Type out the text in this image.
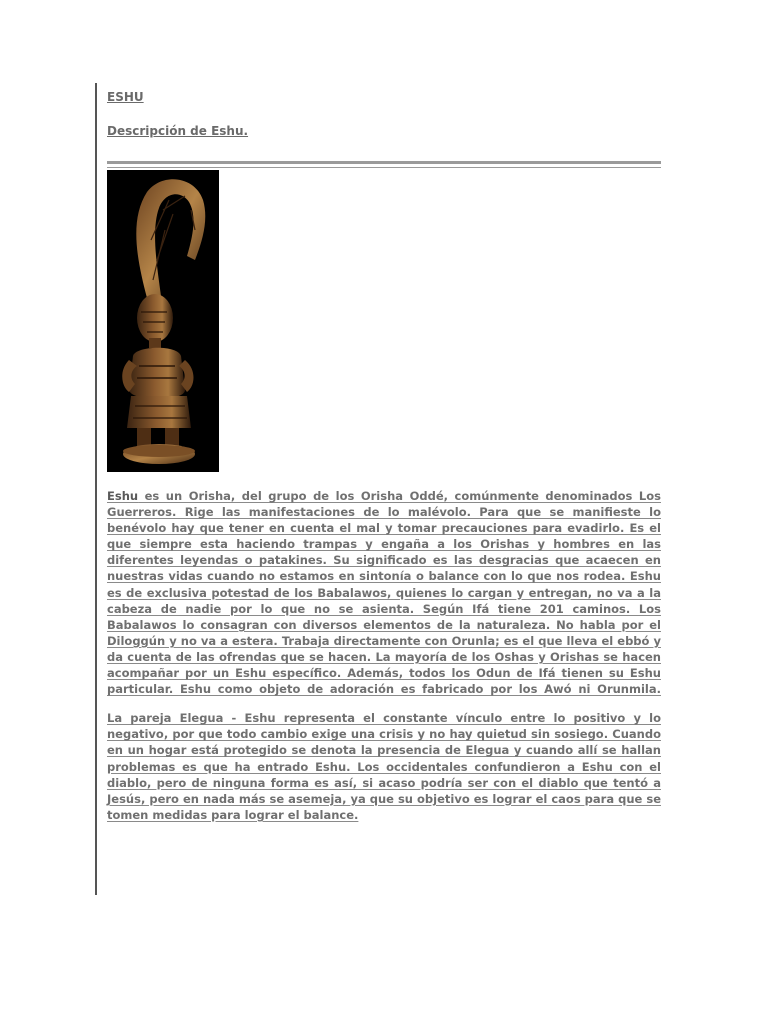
ESHU
Descripción de Eshu.

Eshu es un Orisha, del grupo de los Orisha Oddé, comúnmente denominados Los Guerreros. Rige las manifestaciones de lo malévolo. Para que se manifieste lo benévolo hay que tener en cuenta el mal y tomar precauciones para evadirlo. Es el que siempre esta haciendo trampas y engaña a los Orishas y hombres en las diferentes leyendas o patakines. Su significado es las desgracias que acaecen en nuestras vidas cuando no estamos en sintonía o balance con lo que nos rodea. Eshu es de exclusiva potestad de los Babalawos, quienes lo cargan y entregan, no va a la cabeza de nadie por lo que no se asienta. Según Ifá tiene 201 caminos. Los Babalawos lo consagran con diversos elementos de la naturaleza. No habla por el Diloggún y no va a estera. Trabaja directamente con Orunla; es el que lleva el ebbó y da cuenta de las ofrendas que se hacen. La mayoría de los Oshas y Orishas se hacen acompañar por un Eshu específico. Además, todos los Odun de Ifá tienen su Eshu particular. Eshu como objeto de adoración es fabricado por los Awó ni Orunmila.

La pareja Elegua - Eshu representa el constante vínculo entre lo positivo y lo negativo, por que todo cambio exige una crisis y no hay quietud sin sosiego. Cuando en un hogar está protegido se denota la presencia de Elegua y cuando allí se hallan problemas es que ha entrado Eshu. Los occidentales confundieron a Eshu con el diablo, pero de ninguna forma es así, si acaso podría ser con el diablo que tentó a Jesús, pero en nada más se asemeja, ya que su objetivo es lograr el caos para que se tomen medidas para lograr el balance.
